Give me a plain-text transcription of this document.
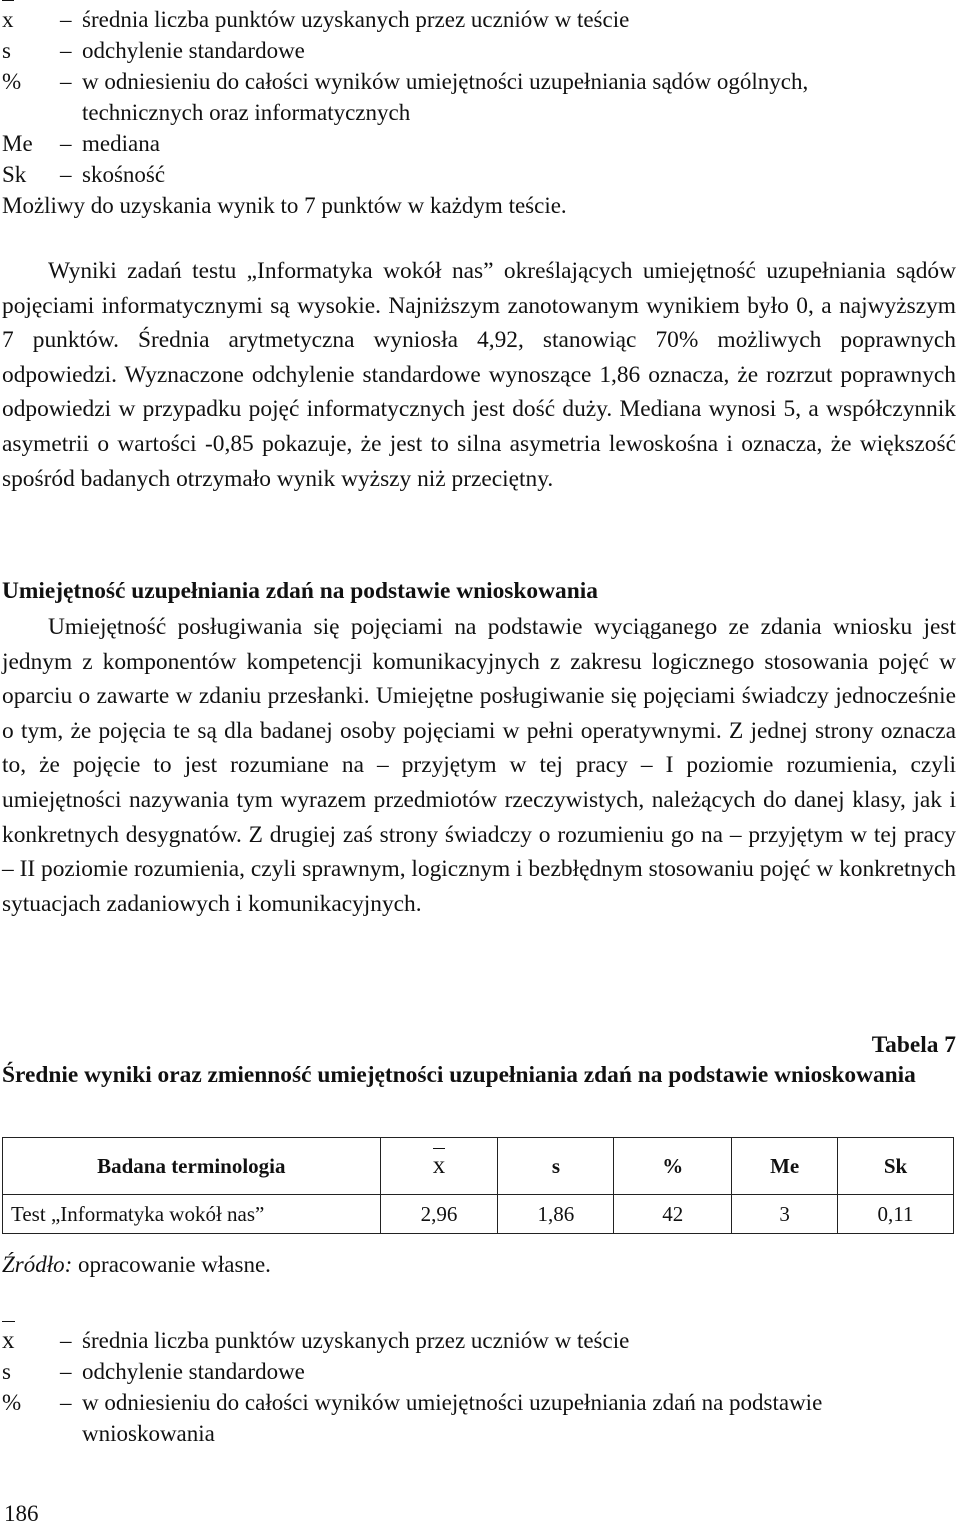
x	– średnia liczba punktów uzyskanych przez uczniów w teście
s	– odchylenie standardowe
%	– w odniesieniu do całości wyników umiejętności uzupełniania sądów ogólnych,
technicznych oraz informatycznych
Me	– mediana
Sk	– skośność
Możliwy do uzyskania wynik to 7 punktów w każdym teście.

Wyniki zadań testu „Informatyka wokół nas” określających umiejętność uzupełniania sądów pojęciami informatycznymi są wysokie. Najniższym zanotowanym wynikiem było 0, a najwyższym 7 punktów. Średnia arytmetyczna wyniosła 4,92, stanowiąc 70% możliwych poprawnych odpowiedzi. Wyznaczone odchylenie standardowe wynoszące 1,86 oznacza, że rozrzut poprawnych odpowiedzi w przypadku pojęć informatycznych jest dość duży. Mediana wynosi 5, a współczynnik asymetrii o wartości -0,85 pokazuje, że jest to silna asymetria lewoskośna i oznacza, że większość spośród badanych otrzymało wynik wyższy niż przeciętny.

Umiejętność uzupełniania zdań na podstawie wnioskowania

Umiejętność posługiwania się pojęciami na podstawie wyciąganego ze zdania wniosku jest jednym z komponentów kompetencji komunikacyjnych z zakresu logicznego stosowania pojęć w oparciu o zawarte w zdaniu przesłanki. Umiejętne posługiwanie się pojęciami świadczy jednocześnie o tym, że pojęcia te są dla badanej osoby pojęciami w pełni operatywnymi. Z jednej strony oznacza to, że pojęcie to jest rozumiane na – przyjętym w tej pracy – I poziomie rozumienia, czyli umiejętności nazywania tym wyrazem przedmiotów rzeczywistych, należących do danej klasy, jak i konkretnych desygnatów. Z drugiej zaś strony świadczy o rozumieniu go na – przyjętym w tej pracy – II poziomie rozumienia, czyli sprawnym, logicznym i bezbłędnym stosowaniu pojęć w konkretnych sytuacjach zadaniowych i komunikacyjnych.

Tabela 7

Średnie wyniki oraz zmienność umiejętności uzupełniania zdań na podstawie wnioskowania

Badana terminologia	x	s	%	Me	Sk
Test „Informatyka wokół nas”	2,96	1,86	42	3	0,11
Źródło: opracowanie własne.
x	– średnia liczba punktów uzyskanych przez uczniów w teście
s	– odchylenie standardowe
%	– w odniesieniu do całości wyników umiejętności uzupełniania zdań na podstawie
wnioskowania
186
